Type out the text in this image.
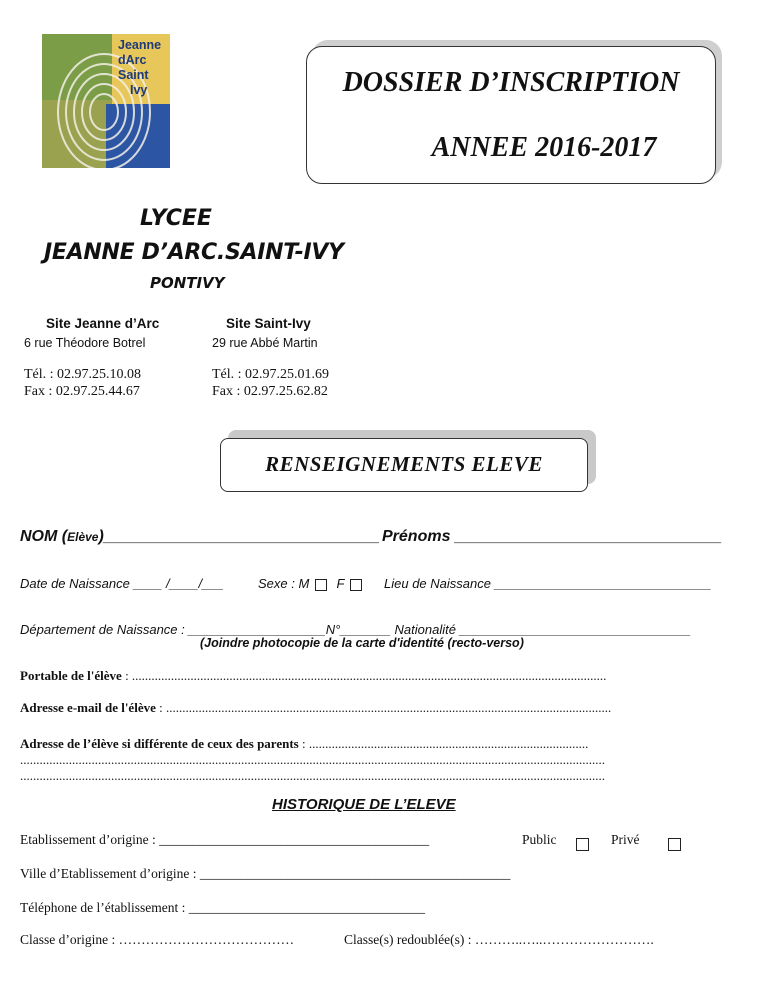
Jeanne
dArc
Saint
Ivy	DOSSIER D’INSCRIPTION
ANNEE 2016-2017
LYCEE
JEANNE D’ARC.SAINT-IVY
PONTIVY
Site Jeanne d’Arc
6 rue Théodore Botrel
Tél. : 02.97.25.10.08
Fax : 02.97.25.44.67
Site Saint-Ivy
29 rue Abbé Martin
Tél. : 02.97.25.01.69
Fax : 02.97.25.62.82
RENSEIGNEMENTS ELEVE
NOM (Elève)_______________________________ Prénoms ______________________________
Date de Naissance ____ /____/___	Sexe : M F	Lieu de Naissance ______________________________
Département de Naissance : ___________________N°_______ Nationalité ________________________________
(Joindre photocopie de la carte d'identité (recto-verso)
Portable de l'élève : ..................................................................................................................................................
Adresse e-mail de l'élève : .........................................................................................................................................
Adresse de l’élève si différente de ceux des parents : ......................................................................................
....................................................................................................................................................................................
....................................................................................................................................................................................
HISTORIQUE DE L’ELEVE
Etablissement d’origine : ________________________________________	Public	Privé
Ville d’Etablissement d’origine : ______________________________________________
Téléphone de l’établissement : ___________________________________
Classe d’origine : …………………………………	Classe(s) redoublée(s) : ………..…..…………………….
